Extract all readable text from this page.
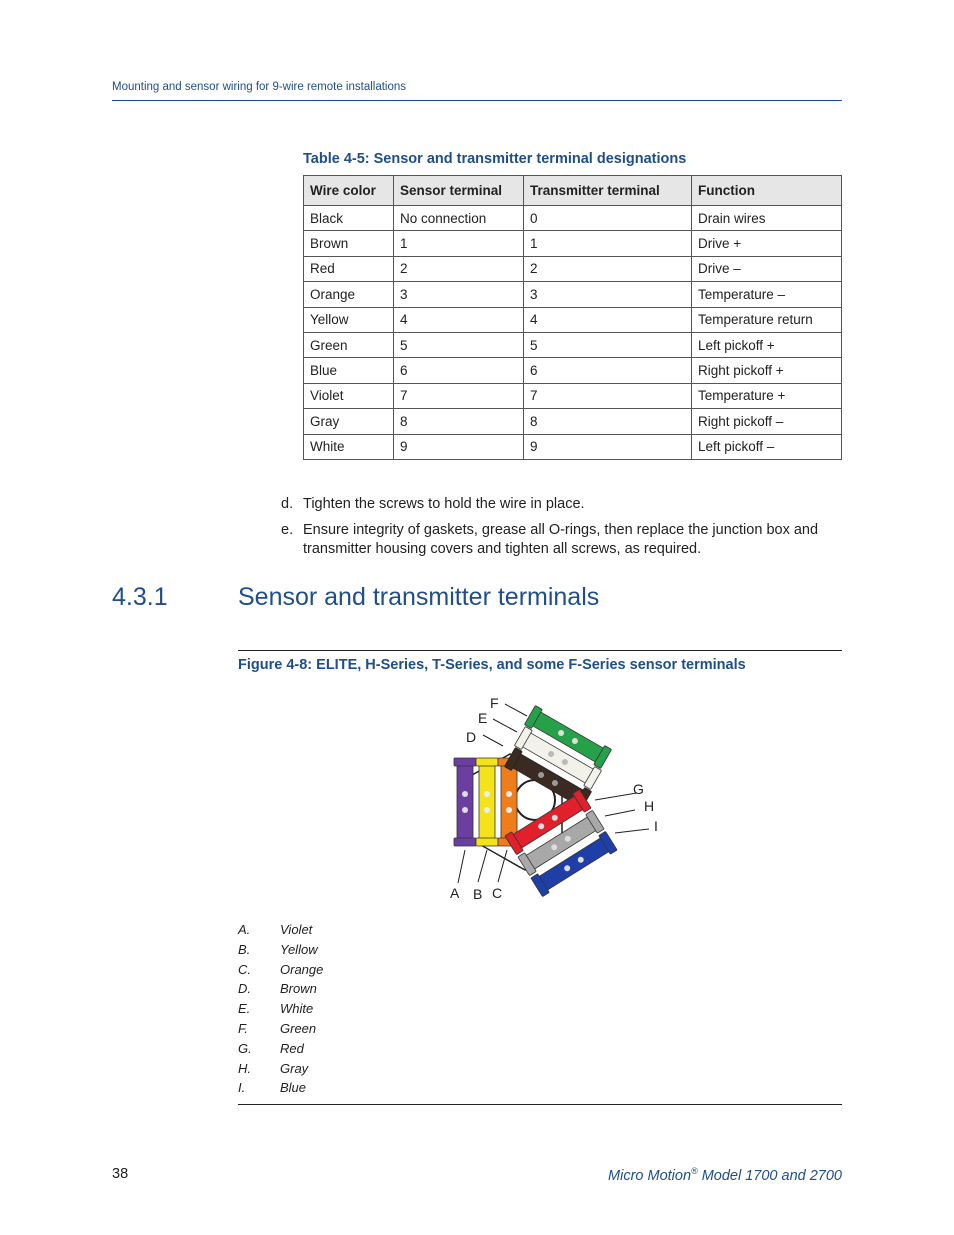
Mounting and sensor wiring for 9-wire remote installations
Table 4-5: Sensor and transmitter terminal designations
Wire color	Sensor terminal	Transmitter terminal	Function
Black	No connection	0	Drain wires
Brown	1	1	Drive +
Red	2	2	Drive –
Orange	3	3	Temperature –
Yellow	4	4	Temperature return
Green	5	5	Left pickoff +
Blue	6	6	Right pickoff +
Violet	7	7	Temperature +
Gray	8	8	Right pickoff –
White	9	9	Left pickoff –
d. Tighten the screws to hold the wire in place.
e. Ensure integrity of gaskets, grease all O-rings, then replace the junction box and transmitter housing covers and tighten all screws, as required.
4.3.1	Sensor and transmitter terminals
Figure 4-8: ELITE, H-Series, T-Series, and some F-Series sensor terminals
F
E
D
G
H
I
A B C
A. Violet
B. Yellow
C. Orange
D. Brown
E. White
F. Green
G. Red
H. Gray
I.	Blue
38	Micro Motion® Model 1700 and 2700
